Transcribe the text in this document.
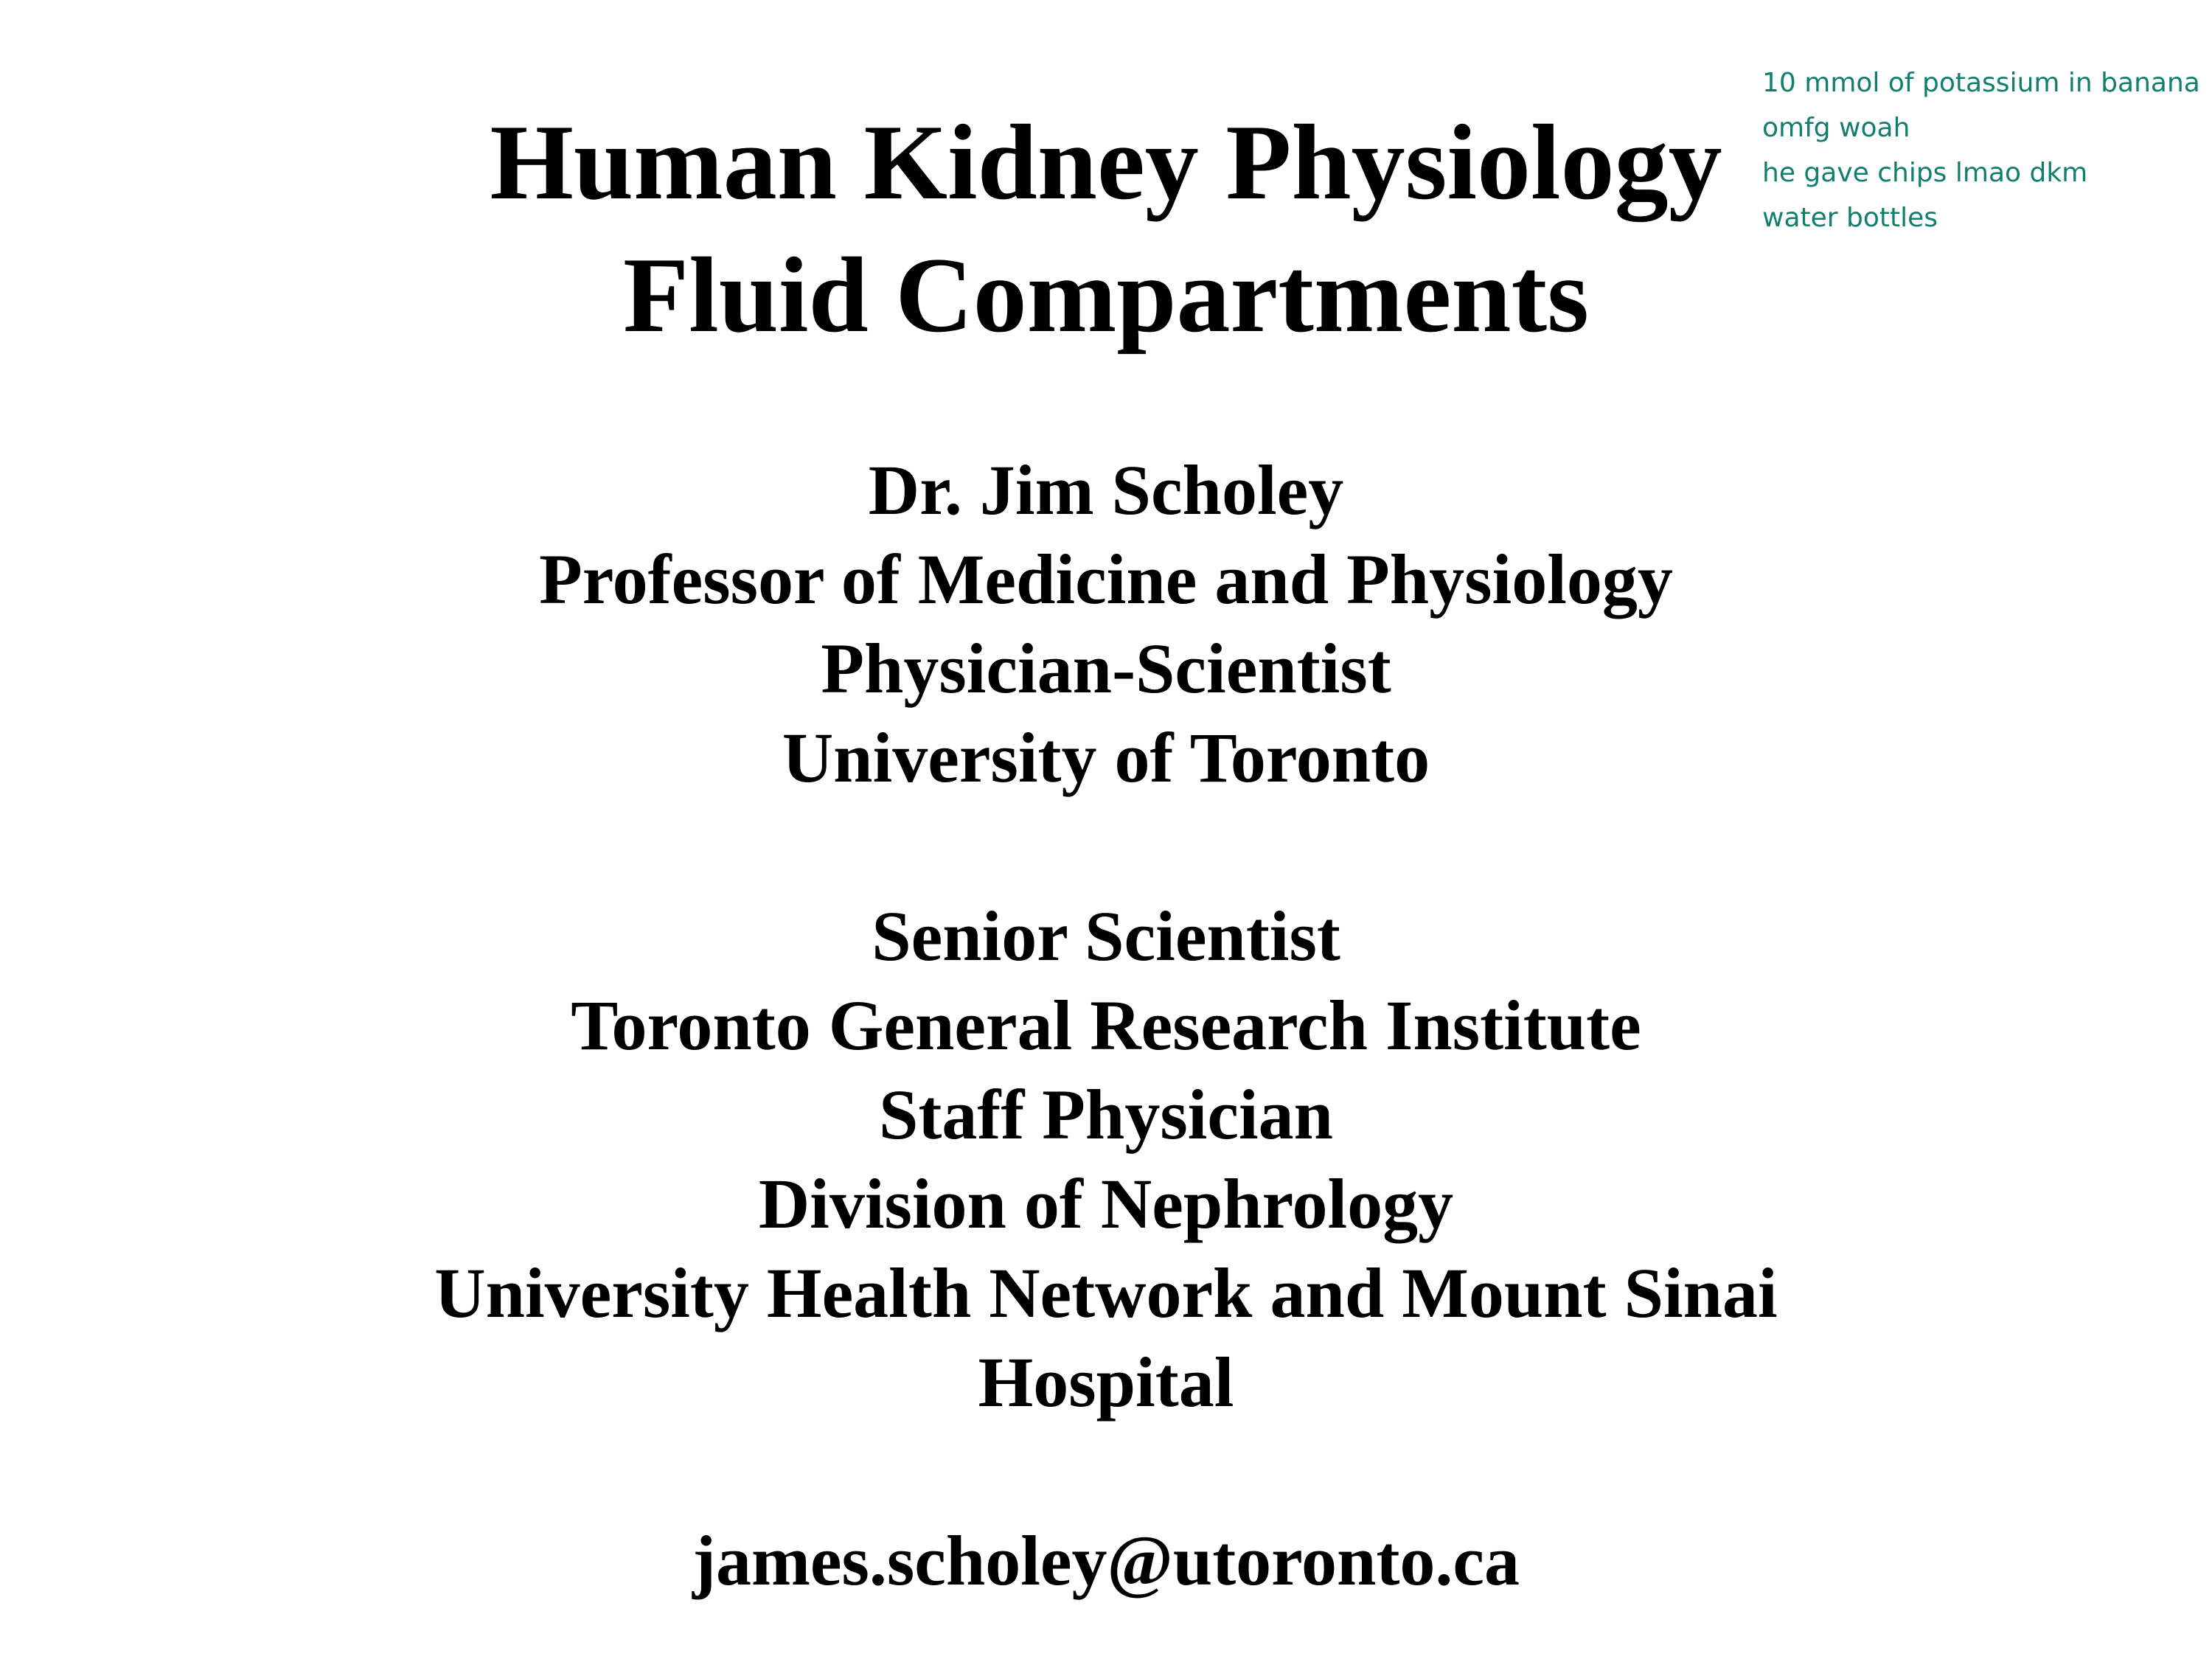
Human Kidney Physiology
Fluid Compartments
Dr. Jim Scholey
Professor of Medicine and Physiology
Physician-Scientist
University of Toronto
Senior Scientist
Toronto General Research Institute
Staff Physician
Division of Nephrology
University Health Network and Mount Sinai
Hospital
james.scholey@utoronto.ca
10 mmol of potassium in banana
omfg woah
he gave chips lmao dkm
water bottles
